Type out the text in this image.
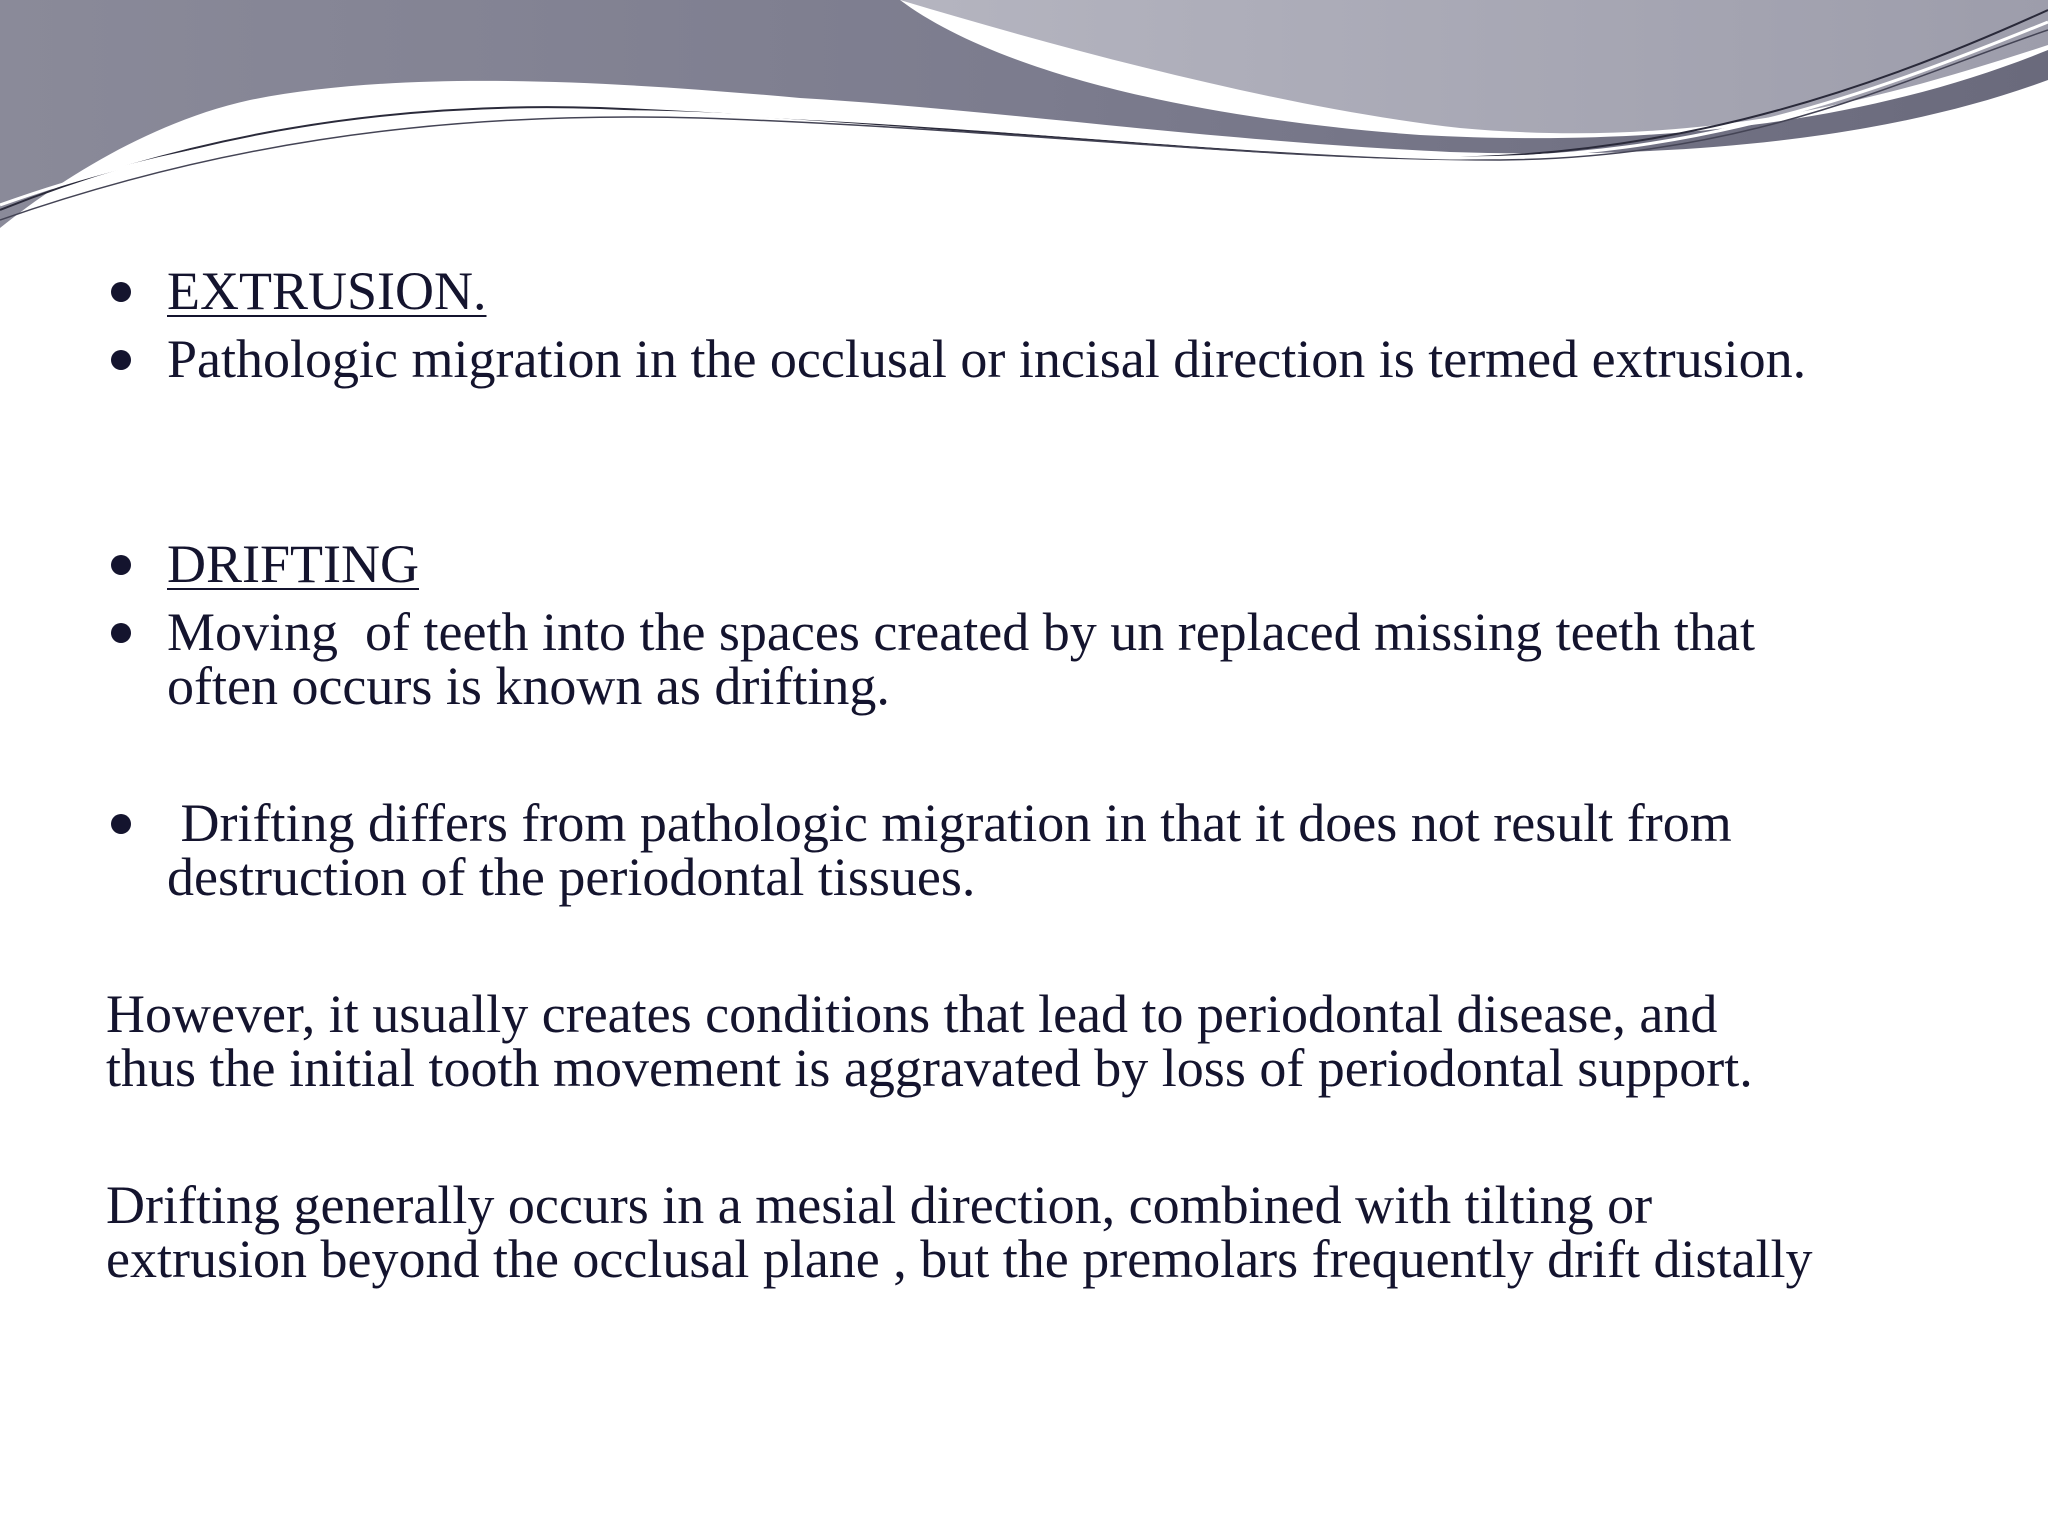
EXTRUSION.
Pathologic migration in the occlusal or incisal direction is termed extrusion.
DRIFTING
Moving  of teeth into the spaces created by un replaced missing teeth that
often occurs is known as drifting.
Drifting differs from pathologic migration in that it does not result from
destruction of the periodontal tissues.
However, it usually creates conditions that lead to periodontal disease, and
thus the initial tooth movement is aggravated by loss of periodontal support.
Drifting generally occurs in a mesial direction, combined with tilting or
extrusion beyond the occlusal plane , but the premolars frequently drift distally
